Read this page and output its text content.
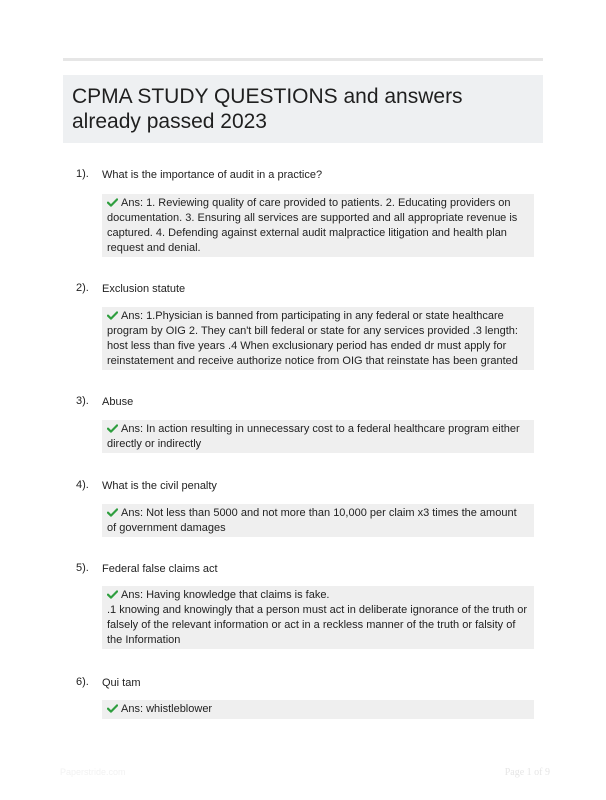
CPMA STUDY QUESTIONS and answers already passed 2023
1). What is the importance of audit in a practice?
Ans: 1. Reviewing quality of care provided to patients. 2. Educating providers on documentation. 3. Ensuring all services are supported and all appropriate revenue is captured. 4. Defending against external audit malpractice litigation and health plan request and denial.
2). Exclusion statute
Ans: 1.Physician is banned from participating in any federal or state healthcare program by OIG 2. They can't bill federal or state for any services provided .3 length: host less than five years .4 When exclusionary period has ended dr must apply for reinstatement and receive authorize notice from OIG that reinstate has been granted
3). Abuse
Ans: In action resulting in unnecessary cost to a federal healthcare program either directly or indirectly
4). What is the civil penalty
Ans: Not less than 5000 and not more than 10,000 per claim x3 times the amount of government damages
5). Federal false claims act
Ans: Having knowledge that claims is fake.
.1 knowing and knowingly that a person must act in deliberate ignorance of the truth or falsely of the relevant information or act in a reckless manner of the truth or falsity of the Information
6). Qui tam
Ans: whistleblower
Paperstride.com	Page 1 of 9
